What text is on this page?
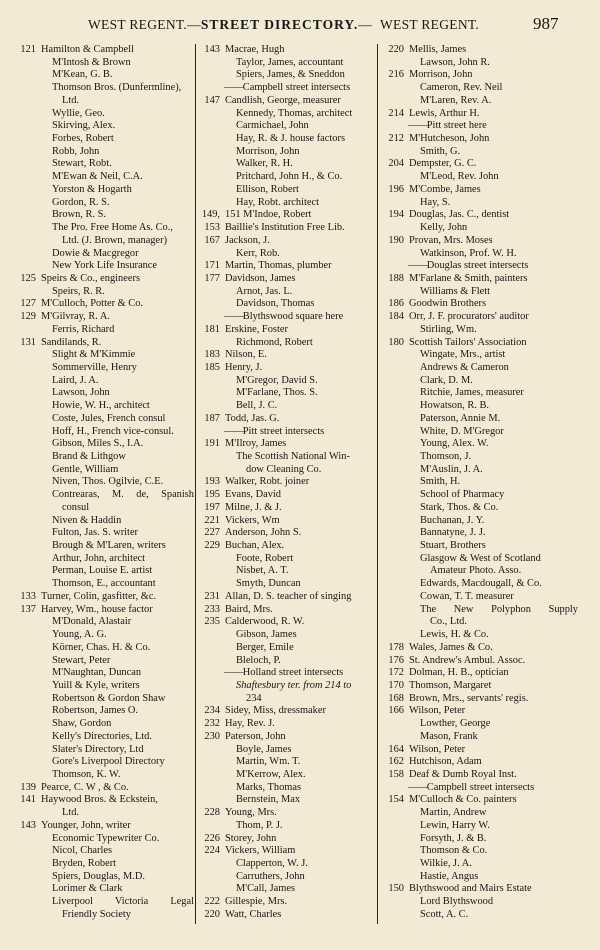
WEST REGENT.—STREET DIRECTORY.— WEST REGENT.	987
121 Hamilton & Campbell
M'Intosh & Brown
M'Kean, G. B.
Thomson Bros. (Dunfermline),
Ltd.
Wyllie, Geo.
Skirving, Alex.
Forbes, Robert
Robb, John
Stewart, Robt.
M'Ewan & Neil, C.A.
Yorston & Hogarth
Gordon, R. S.
Brown, R. S.
The Pro. Free Home As. Co.,
Ltd. (J. Brown, manager)
Dowie & Macgregor
New York Life Insurance
125 Speirs & Co., engineers
Speirs, R. R.
127 M'Culloch, Potter & Co.
129 M'Gilvray, R. A.
Ferris, Richard
131 Sandilands, R.
Slight & M'Kimmie
Sommerville, Henry
Laird, J. A.
Lawson, John
Howie, W. H., architect
Coste, Jules, French consul
Hoff, H., French vice-consul.
Gibson, Miles S., I.A.
Brand & Lithgow
Gentle, William
Niven, Thos. Ogilvie, C.E.
Contrearas, M. de, Spanish
consul
Niven & Haddin
Fulton, Jas. S. writer
Brough & M'Laren, writers
Arthur, John, architect
Perman, Louise E. artist
Thomson, E., accountant
133 Turner, Colin, gasfitter, &c.
137 Harvey, Wm., house factor
M'Donald, Alastair
Young, A. G.
Körner, Chas. H. & Co.
Stewart, Peter
M'Naughtan, Duncan
Yuill & Kyle, writers
Robertson & Gordon Shaw
Robertson, James O.
Shaw, Gordon
Kelly's Directories, Ltd.
Slater's Directory, Ltd
Gore's Liverpool Directory
Thomson, K. W.
139 Pearce, C. W , & Co.
141 Haywood Bros. & Eckstein,
Ltd.
143 Younger, John, writer
Economic Typewriter Co.
Nicol, Charles
Bryden, Robert
Spiers, Douglas, M.D.
Lorimer & Clark
Liverpool Victoria Legal
Friendly Society
143 Macrae, Hugh
Taylor, James, accountant
Spiers, James, & Sneddon
—— Campbell street intersects
147 Candlish, George, measurer
Kennedy, Thomas, architect
Carmichael, John
Hay, R. & J. house factors
Morrison, John
Walker, R. H.
Pritchard, John H., & Co.
Ellison, Robert
Hay, Robt. architect
149, 151 M'Indoe, Robert
153 Baillie's Institution Free Lib.
167 Jackson, J.
Kerr, Rob.
171 Martin, Thomas, plumber
177 Davidson, James
Arnot, Jas. L.
Davidson, Thomas
—— Blythswood square here
181 Erskine, Foster
Richmond, Robert
183 Nilson, E.
185 Henry, J.
M'Gregor, David S.
M'Farlane, Thos. S.
Bell, J. C.
187 Todd, Jas. G.
—— Pitt street intersects
191 M'Ilroy, James
The Scottish National Win-
dow Cleaning Co.
193 Walker, Robt. joiner
195 Evans, David
197 Milne, J. & J.
221 Vickers, Wm
227 Anderson, John S.
229 Buchan, Alex.
Foote, Robert
Nisbet, A. T.
Smyth, Duncan
231 Allan, D. S. teacher of singing
233 Baird, Mrs.
235 Calderwood, R. W.
Gibson, James
Berger, Emile
Bleloch, P.
—— Holland street intersects
Shaftesbury ter. from 214 to
234
234 Sidey, Miss, dressmaker
232 Hay, Rev. J.
230 Paterson, John
Boyle, James
Martin, Wm. T.
M'Kerrow, Alex.
Marks, Thomas
Bernstein, Max
228 Young, Mrs.
Thom, P. J.
226 Storey, John
224 Vickers, William
Clapperton, W. J.
Carruthers, John
M'Call, James
222 Gillespie, Mrs.
220 Watt, Charles
220 Mellis, James
Lawson, John R.
216 Morrison, John
Cameron, Rev. Neil
M'Laren, Rev. A.
214 Lewis, Arthur H.
—— Pitt street here
212 M'Hutcheson, John
Smith, G.
204 Dempster, G. C.
M'Leod, Rev. John
196 M'Combe, James
Hay, S.
194 Douglas, Jas. C., dentist
Kelly, John
190 Provan, Mrs. Moses
Watkinson, Prof. W. H.
—— Douglas street intersects
188 M'Farlane & Smith, painters
Williams & Flett
186 Goodwin Brothers
184 Orr, J. F. procurators' auditor
Stirling, Wm.
180 Scottish Tailors' Association
Wingate, Mrs., artist
Andrews & Cameron
Clark, D. M.
Ritchie, James, measurer
Howatson, R. B.
Paterson, Annie M.
White, D. M'Gregor
Young, Alex. W.
Thomson, J.
M'Auslin, J. A.
Smith, H.
School of Pharmacy
Stark, Thos. & Co.
Buchanan, J. Y.
Bannatyne, J. J.
Stuart, Brothers
Glasgow & West of Scotland
Amateur Photo. Asso.
Edwards, Macdougall, & Co.
Cowan, T. T. measurer
The New Polyphon Supply
Co., Ltd.
Lewis, H. & Co.
178 Wales, James & Co.
176 St. Andrew's Ambul. Assoc.
172 Dolman, H. B., optician
170 Thomson, Margaret
168 Brown, Mrs., servants' regis.
166 Wilson, Peter
Lowther, George
Mason, Frank
164 Wilson, Peter
162 Hutchison, Adam
158 Deaf & Dumb Royal Inst.
—— Campbell street intersects
154 M'Culloch & Co. painters
Martin, Andrew
Lewin, Harry W.
Forsyth, J. & B.
Thomson & Co.
Wilkie, J. A.
Hastie, Angus
150 Blythswood and Mairs Estate
Lord Blythswood
Scott, A. C.
